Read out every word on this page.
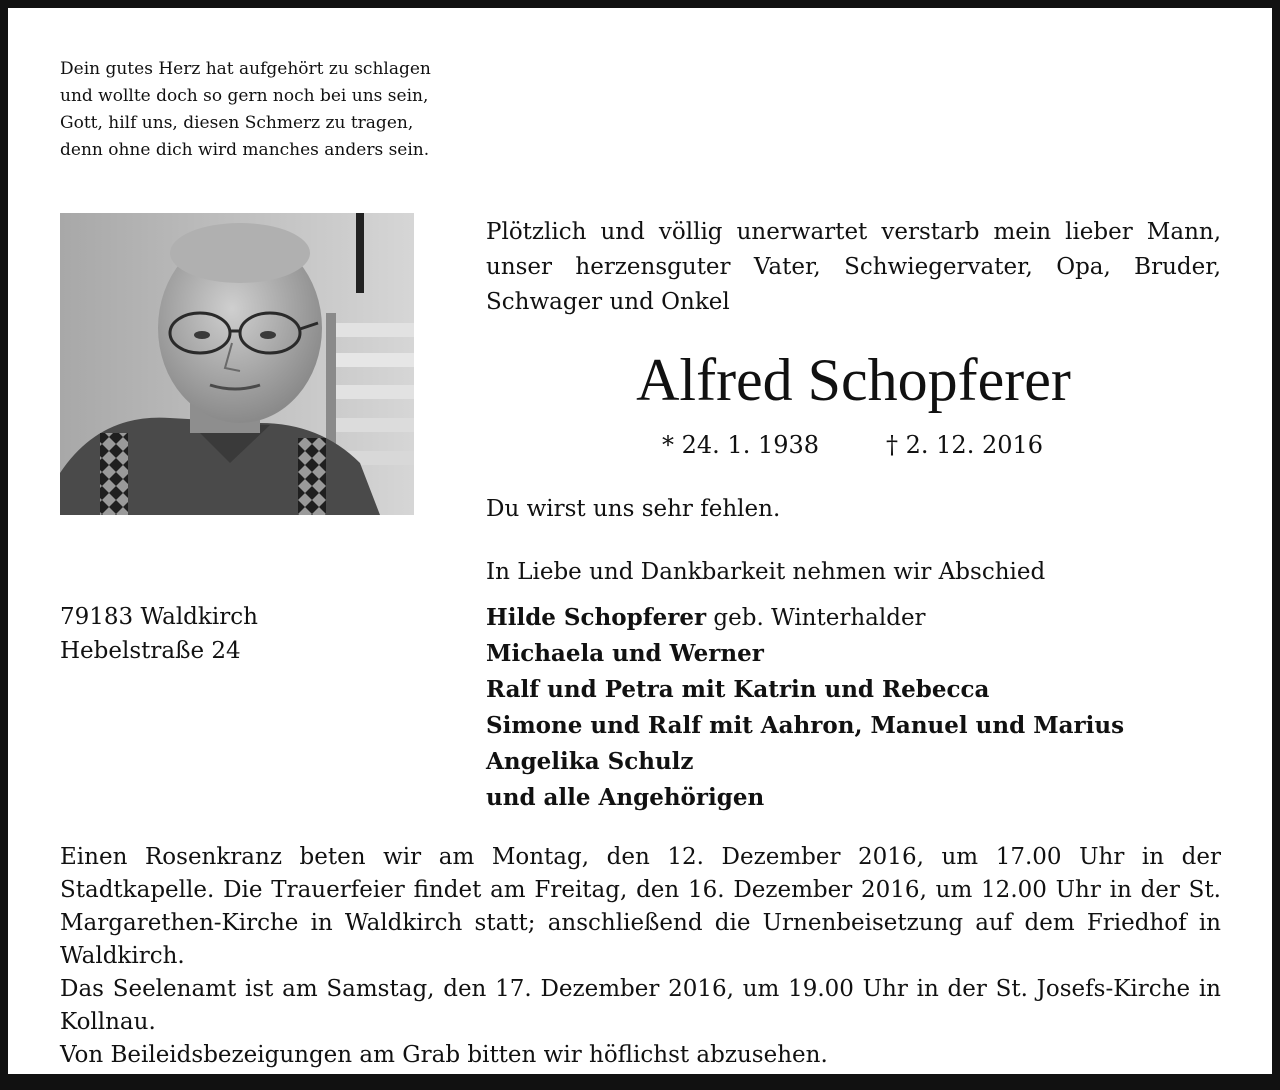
Dein gutes Herz hat aufgehört zu schlagen
und wollte doch so gern noch bei uns sein,
Gott, hilf uns, diesen Schmerz zu tragen,
denn ohne dich wird manches anders sein.
Plötzlich und völlig unerwartet verstarb mein lieber Mann, unser herzensguter Vater, Schwiegervater, Opa, Bruder, Schwager und Onkel
Alfred Schopferer
* 24. 1. 1938	† 2. 12. 2016
Du wirst uns sehr fehlen.
In Liebe und Dankbarkeit nehmen wir Abschied
79183 Waldkirch
Hebelstraße 24
Hilde Schopferer geb. Winterhalder
Michaela und Werner
Ralf und Petra mit Katrin und Rebecca
Simone und Ralf mit Aahron, Manuel und Marius
Angelika Schulz
und alle Angehörigen

Einen Rosenkranz beten wir am Montag, den 12. Dezember 2016, um 17.00 Uhr in der Stadtkapelle. Die Trauerfeier findet am Freitag, den 16. Dezember 2016, um 12.00 Uhr in der St. Margarethen-Kirche in Waldkirch statt; anschließend die Urnenbeisetzung auf dem Friedhof in Waldkirch.

Das Seelenamt ist am Samstag, den 17. Dezember 2016, um 19.00 Uhr in der St. Josefs-Kirche in Kollnau.

Von Beileidsbezeigungen am Grab bitten wir höflichst abzusehen.
